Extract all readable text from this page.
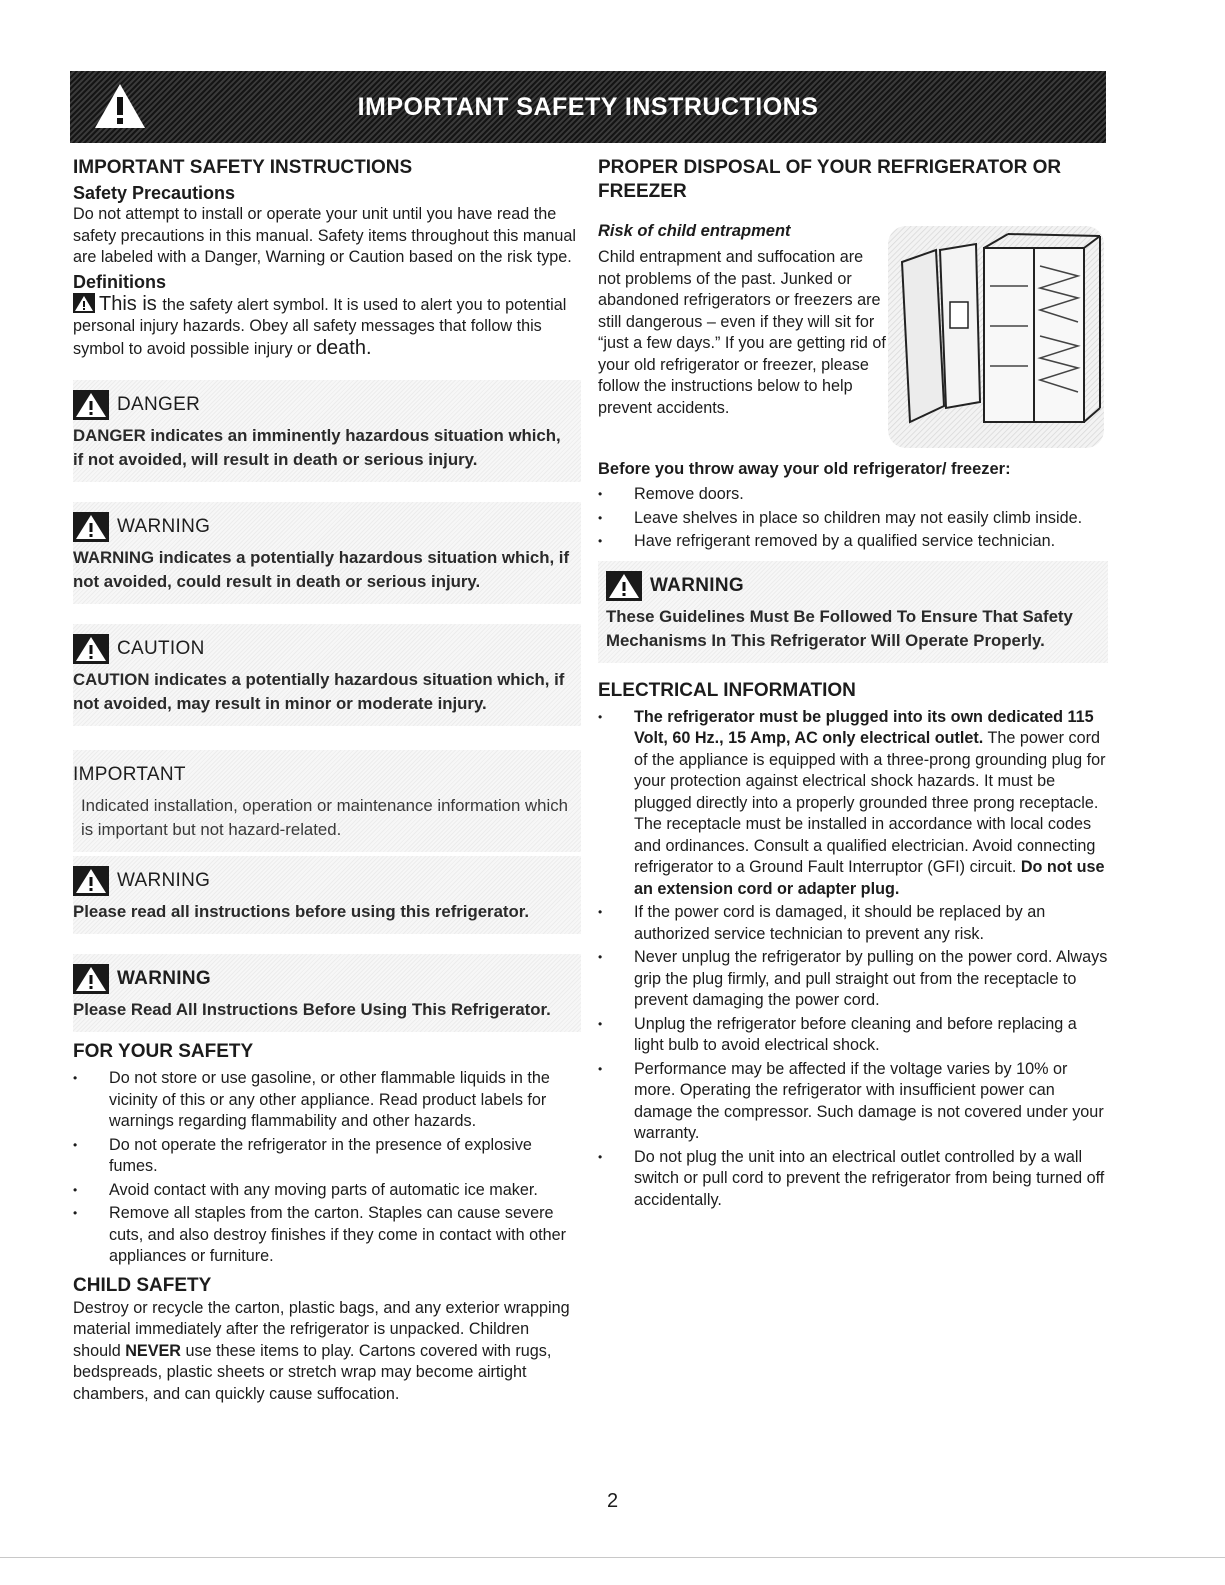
IMPORTANT SAFETY INSTRUCTIONS
IMPORTANT SAFETY INSTRUCTIONS
Safety Precautions

Do not attempt to install or operate your unit until you have read the safety precautions in this manual. Safety items throughout this manual are labeled with a Danger, Warning or Caution based on the risk type.

Definitions

This is the safety alert symbol. It is used to alert you to potential personal injury hazards. Obey all safety messages that follow this symbol to avoid possible injury or death.

DANGER
DANGER indicates an imminently hazardous situation which, if not avoided, will result in death or serious injury.
WARNING
WARNING indicates a potentially hazardous situation which, if not avoided, could result in death or serious injury.
CAUTION
CAUTION indicates a potentially hazardous situation which, if not avoided, may result in minor or moderate injury.
IMPORTANT
Indicated installation, operation or maintenance information which is important but not hazard-related.
WARNING
Please read all instructions before using this refrigerator.
WARNING
Please Read All Instructions Before Using This Refrigerator.
FOR YOUR SAFETY
• Do not store or use gasoline, or other flammable liquids in the vicinity of this or any other appliance. Read product labels for warnings regarding flammability and other hazards.
• Do not operate the refrigerator in the presence of explosive fumes.
• Avoid contact with any moving parts of automatic ice maker.
• Remove all staples from the carton. Staples can cause severe cuts, and also destroy finishes if they come in contact with other appliances or furniture.
CHILD SAFETY

Destroy or recycle the carton, plastic bags, and any exterior wrapping material immediately after the refrigerator is unpacked. Children should NEVER use these items to play. Cartons covered with rugs, bedspreads, plastic sheets or stretch wrap may become airtight chambers, and can quickly cause suffocation.

PROPER DISPOSAL OF YOUR REFRIGERATOR OR FREEZER
Risk of child entrapment

Child entrapment and suffocation are not problems of the past. Junked or abandoned refrigerators or freezers are still dangerous – even if they will sit for “just a few days.” If you are getting rid of your old refrigerator or freezer, please follow the instructions below to help prevent accidents.

Before you throw away your old refrigerator/ freezer:
• Remove doors.
• Leave shelves in place so children may not easily climb inside.
• Have refrigerant removed by a qualified service technician.
WARNING
These Guidelines Must Be Followed To Ensure That Safety Mechanisms In This Refrigerator Will Operate Properly.
ELECTRICAL INFORMATION
• The refrigerator must be plugged into its own dedicated 115 Volt, 60 Hz., 15 Amp, AC only electrical outlet. The power cord of the appliance is equipped with a three-prong grounding plug for your protection against electrical shock hazards. It must be plugged directly into a properly grounded three prong receptacle. The receptacle must be installed in accordance with local codes and ordinances. Consult a qualified electrician. Avoid connecting refrigerator to a Ground Fault Interruptor (GFI) circuit. Do not use an extension cord or adapter plug.
• If the power cord is damaged, it should be replaced by an authorized service technician to prevent any risk.
• Never unplug the refrigerator by pulling on the power cord. Always grip the plug firmly, and pull straight out from the receptacle to prevent damaging the power cord.
• Unplug the refrigerator before cleaning and before replacing a light bulb to avoid electrical shock.
• Performance may be affected if the voltage varies by 10% or more. Operating the refrigerator with insufficient power can damage the compressor. Such damage is not covered under your warranty.
• Do not plug the unit into an electrical outlet controlled by a wall switch or pull cord to prevent the refrigerator from being turned off accidentally.
2
